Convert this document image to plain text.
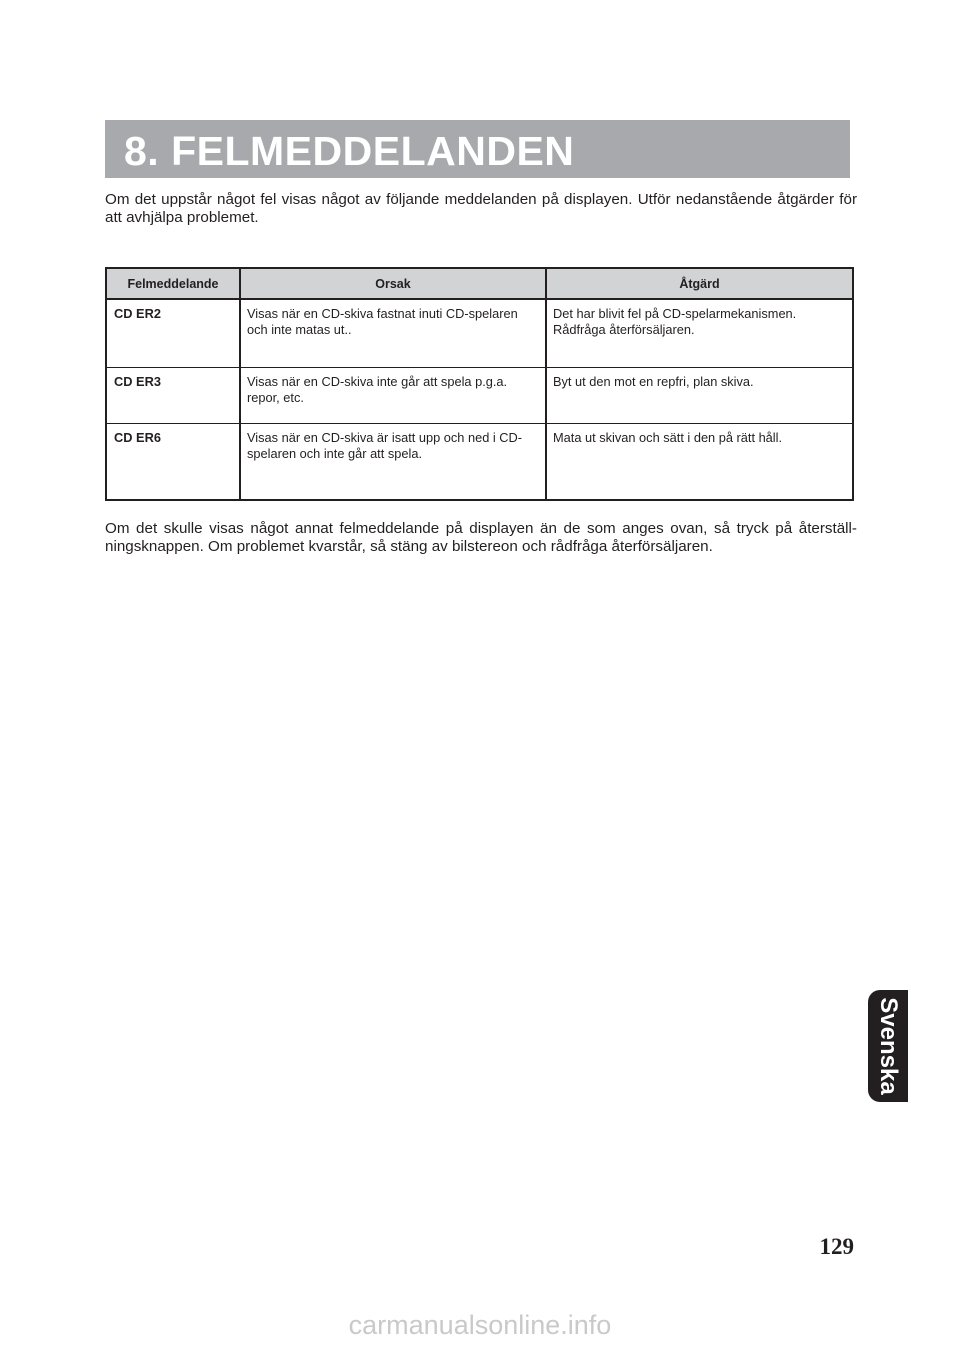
8. FELMEDDELANDEN

Om det uppstår något fel visas något av följande meddelanden på displayen. Utför nedanstående åtgärder för att avhjälpa problemet.

Felmeddelande	Orsak	Åtgärd
CD ER2	Visas när en CD-skiva fastnat inuti CD-spelaren och inte matas ut..	Det har blivit fel på CD-spelarmekanismen. Rådfråga återförsäljaren.
CD ER3	Visas när en CD-skiva inte går att spela p.g.a. repor, etc.	Byt ut den mot en repfri, plan skiva.
CD ER6	Visas när en CD-skiva är isatt upp och ned i CD-spelaren och inte går att spela.	Mata ut skivan och sätt i den på rätt håll.

Om det skulle visas något annat felmeddelande på displayen än de som anges ovan, så tryck på återställ-ningsknappen. Om problemet kvarstår, så stäng av bilstereon och rådfråga återförsäljaren.

Svenska
129
carmanualsonline.info
